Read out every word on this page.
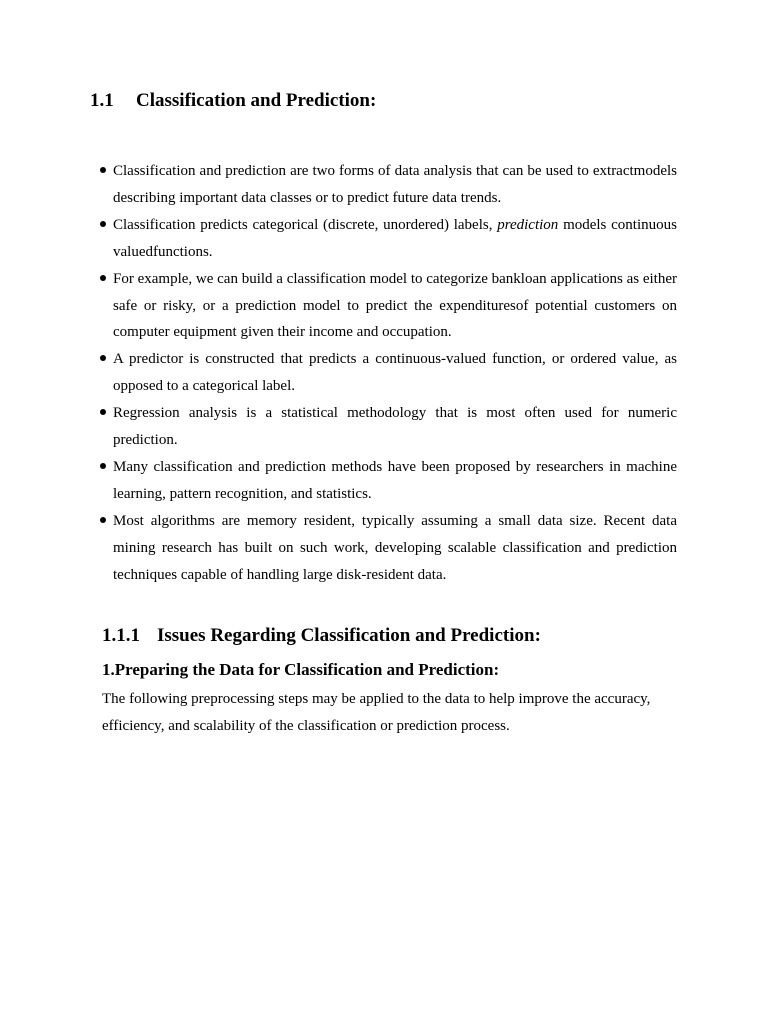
1.1 Classification and Prediction:
Classification and prediction are two forms of data analysis that can be used to extractmodels describing important data classes or to predict future data trends.
Classification predicts categorical (discrete, unordered) labels, prediction models continuous valuedfunctions.
For example, we can build a classification model to categorize bankloan applications as either safe or risky, or a prediction model to predict the expendituresof potential customers on computer equipment given their income and occupation.
A predictor is constructed that predicts a continuous-valued function, or ordered value, as opposed to a categorical label.
Regression analysis is a statistical methodology that is most often used for numeric prediction.
Many classification and prediction methods have been proposed by researchers in machine learning, pattern recognition, and statistics.
Most algorithms are memory resident, typically assuming a small data size. Recent data mining research has built on such work, developing scalable classification and prediction techniques capable of handling large disk-resident data.
1.1.1 Issues Regarding Classification and Prediction:
1.Preparing the Data for Classification and Prediction:

The following preprocessing steps may be applied to the data to help improve the accuracy, efficiency, and scalability of the classification or prediction process.
